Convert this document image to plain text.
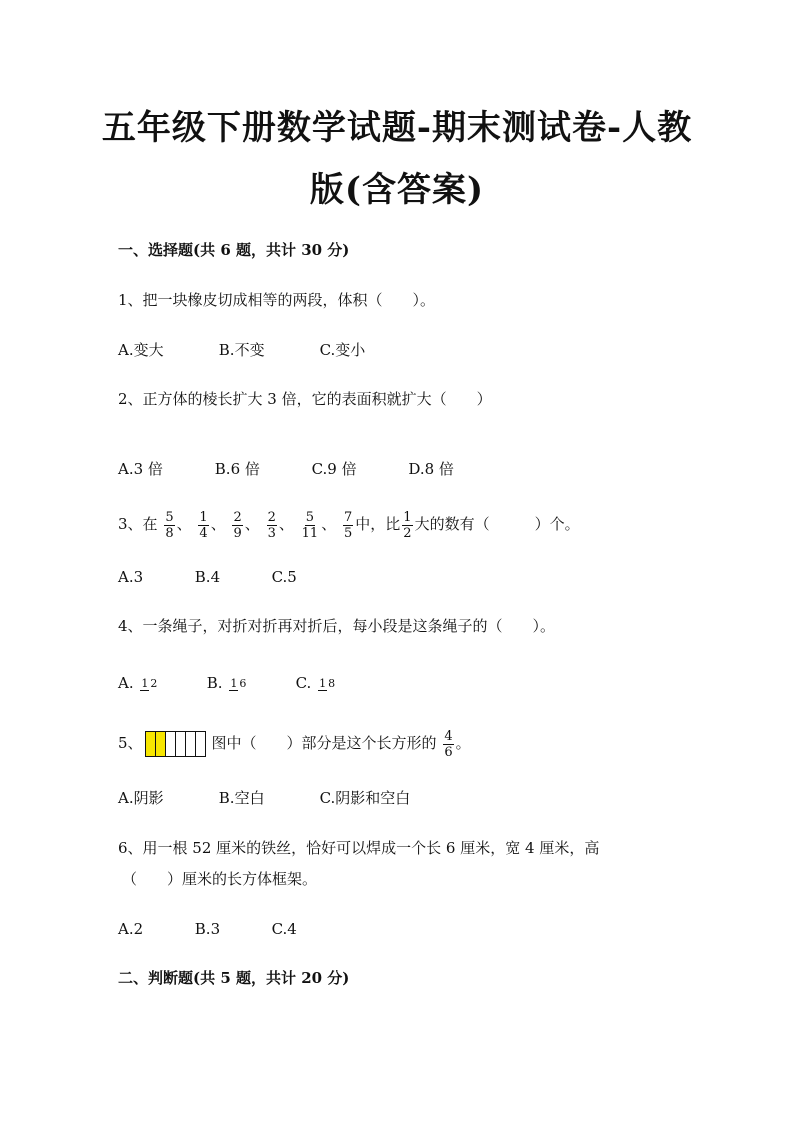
五年级下册数学试题-期末测试卷-人教
版(含答案)
一、选择题(共 6 题，共计 30 分)
1、把一块橡皮切成相等的两段，体积（　　）。
A.变大	B.不变	C.变小
2、正方体的棱长扩大 3 倍，它的表面积就扩大（　　）
A.3 倍	B.6 倍	C.9 倍	D.8 倍
3、在 $\frac{5}{8}$ 、 $\frac{1}{4}$ 、 $\frac{2}{9}$ 、 $\frac{2}{3}$ 、 $\frac{5}{11}$ 、 $\frac{7}{5}$ 中，比 $\frac{1}{2}$ 大的数有（　　　）个。
A.3	B.4	C.5
4、一条绳子，对折对折再对折后，每小段是这条绳子的（　　）。
A. 1 2	B. 1 6	C. 1 8
5、	图中（　　）部分是这个长方形的 $\frac{4}{6}$ 。
A.阴影	B.空白	C.阴影和空白
6、用一根 52 厘米的铁丝，恰好可以焊成一个长 6 厘米，宽 4 厘米，高
（　　）厘米的长方体框架。
A.2	B.3	C.4
二、判断题(共 5 题，共计 20 分)
